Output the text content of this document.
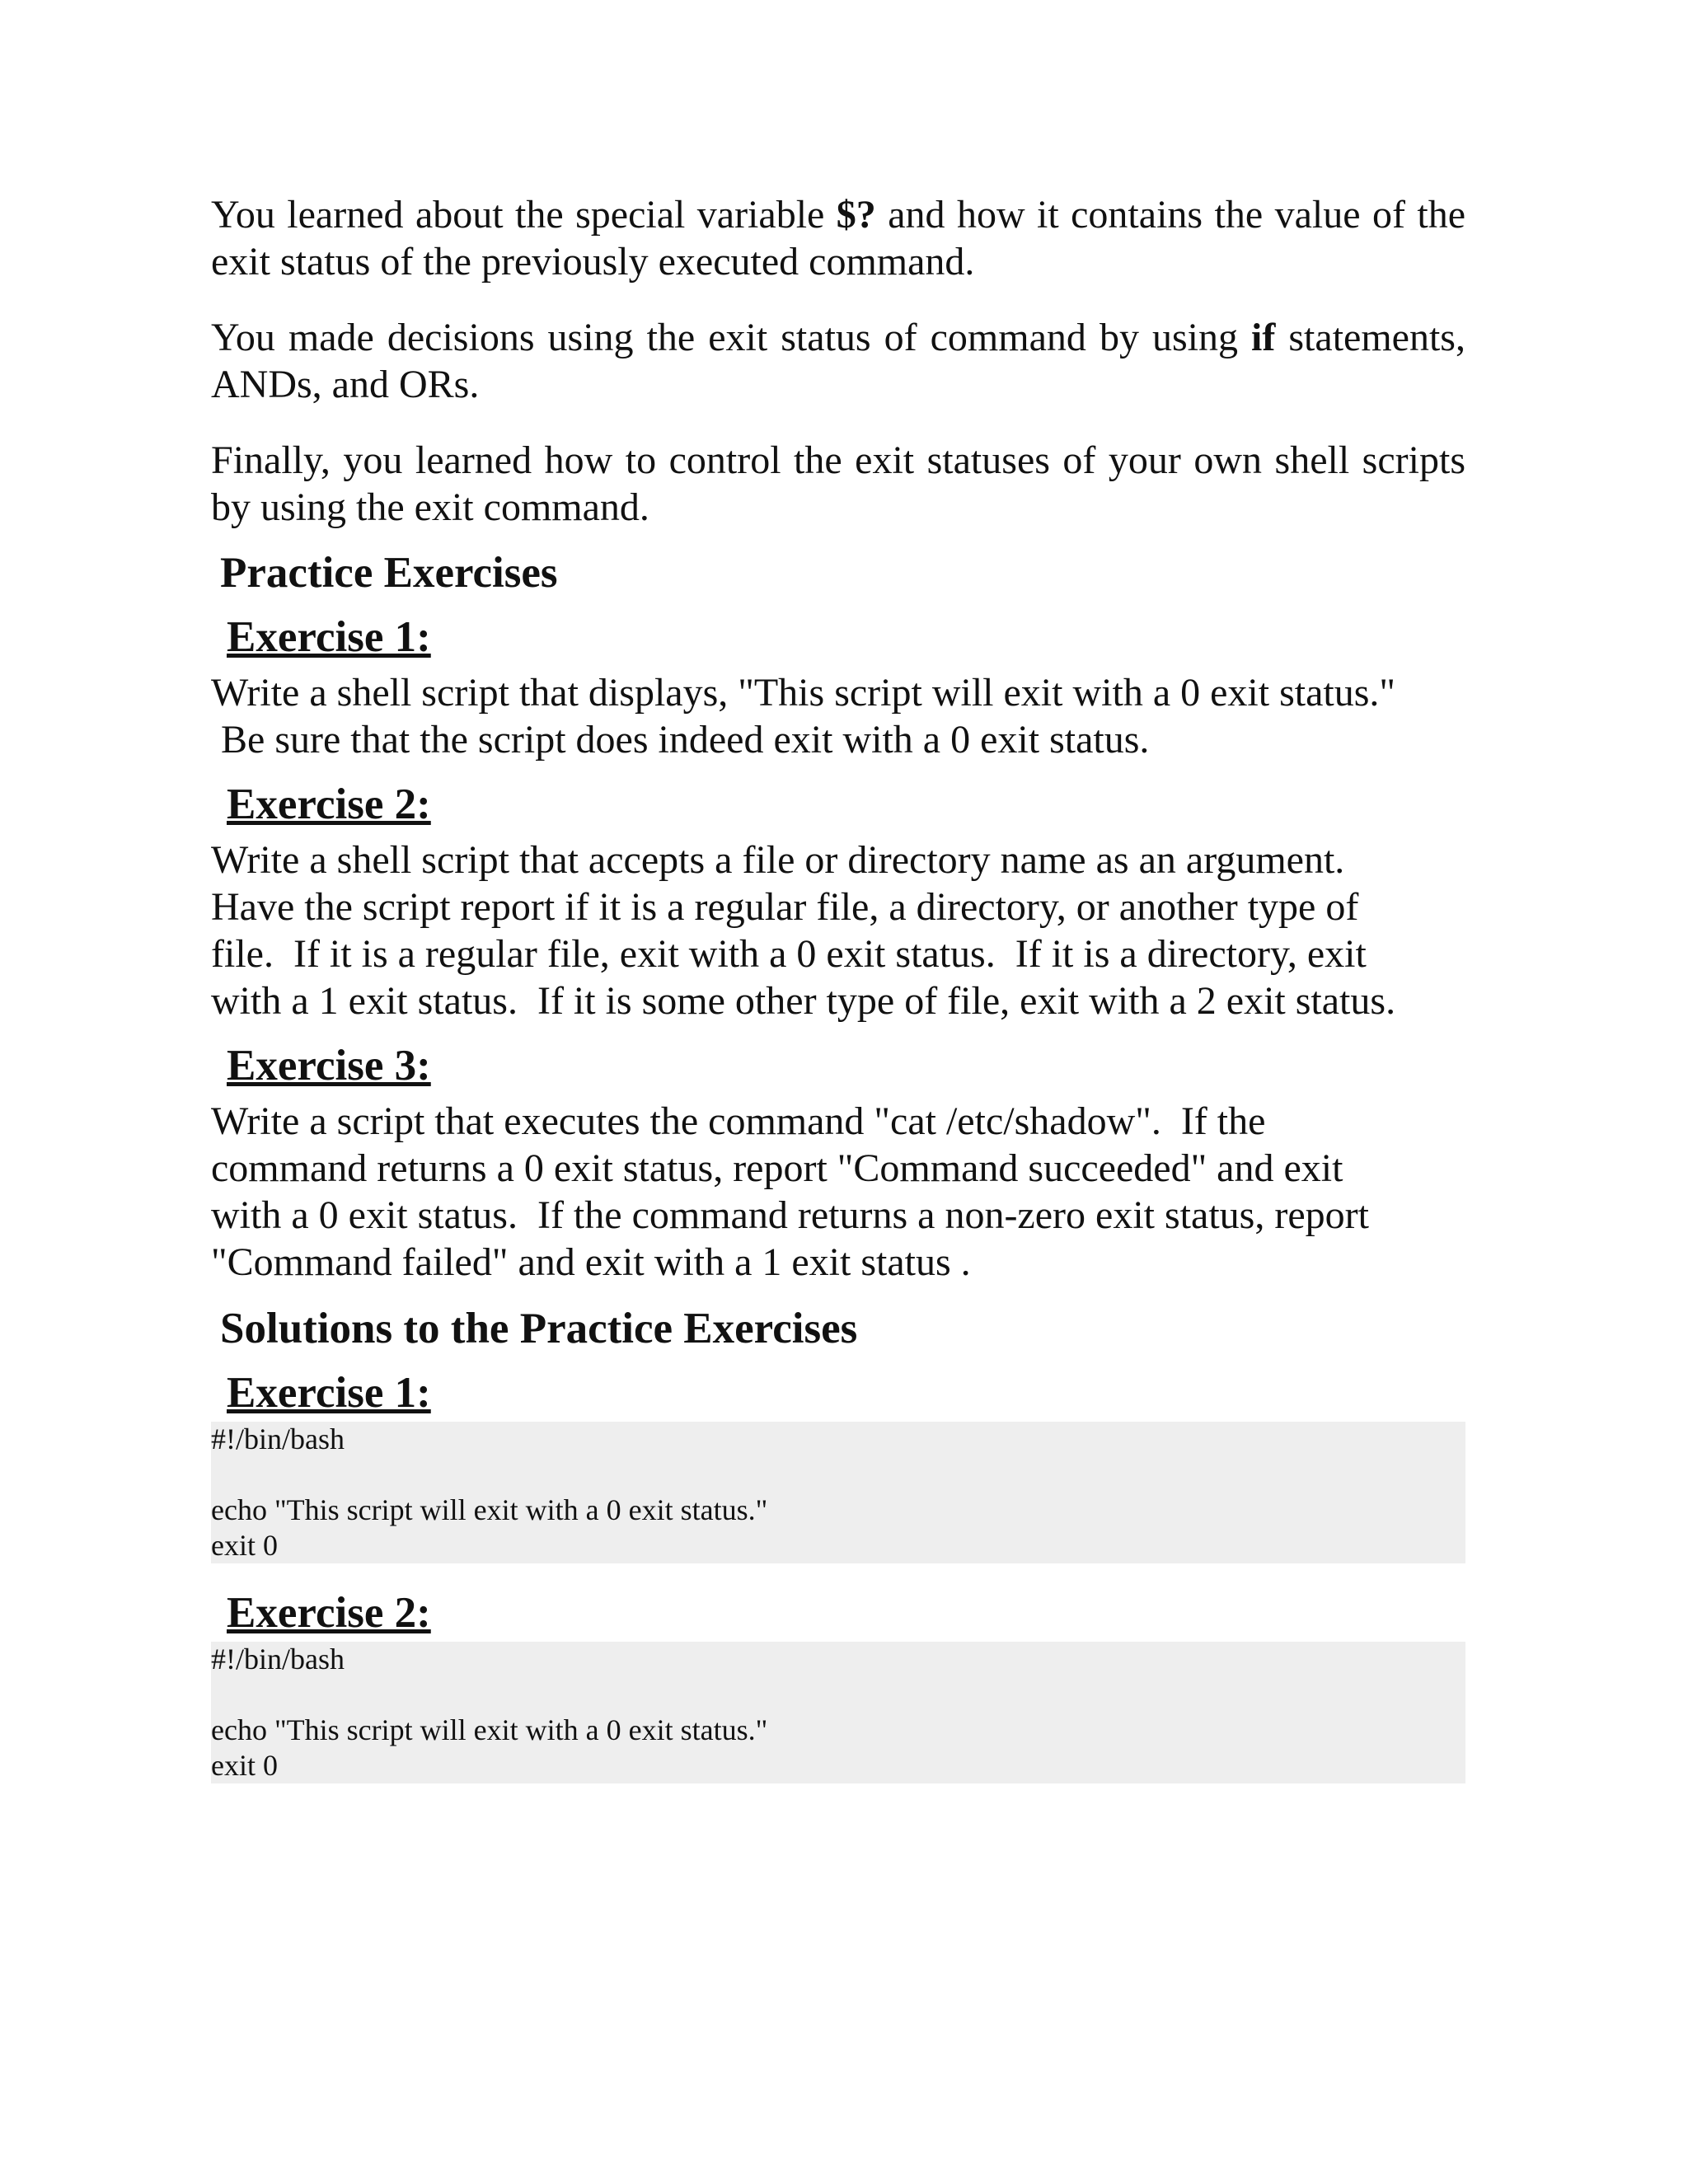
You learned about the special variable $? and how it contains the value of the exit status of the previously executed command.

You made decisions using the exit status of command by using if statements, ANDs, and ORs.

Finally, you learned how to control the exit statuses of your own shell scripts by using the exit command.

Practice Exercises
Exercise 1:
Write a shell script that displays, "This script will exit with a 0 exit status."
Be sure that the script does indeed exit with a 0 exit status.
Exercise 2:
Write a shell script that accepts a file or directory name as an argument.
Have the script report if it is a regular file, a directory, or another type of
file.  If it is a regular file, exit with a 0 exit status.  If it is a directory, exit
with a 1 exit status.  If it is some other type of file, exit with a 2 exit status.
Exercise 3:
Write a script that executes the command "cat /etc/shadow".  If the
command returns a 0 exit status, report "Command succeeded" and exit
with a 0 exit status.  If the command returns a non-zero exit status, report
"Command failed" and exit with a 1 exit status .
Solutions to the Practice Exercises
Exercise 1:
#!/bin/bash
echo "This script will exit with a 0 exit status."
exit 0
Exercise 2:
#!/bin/bash
echo "This script will exit with a 0 exit status."
exit 0
